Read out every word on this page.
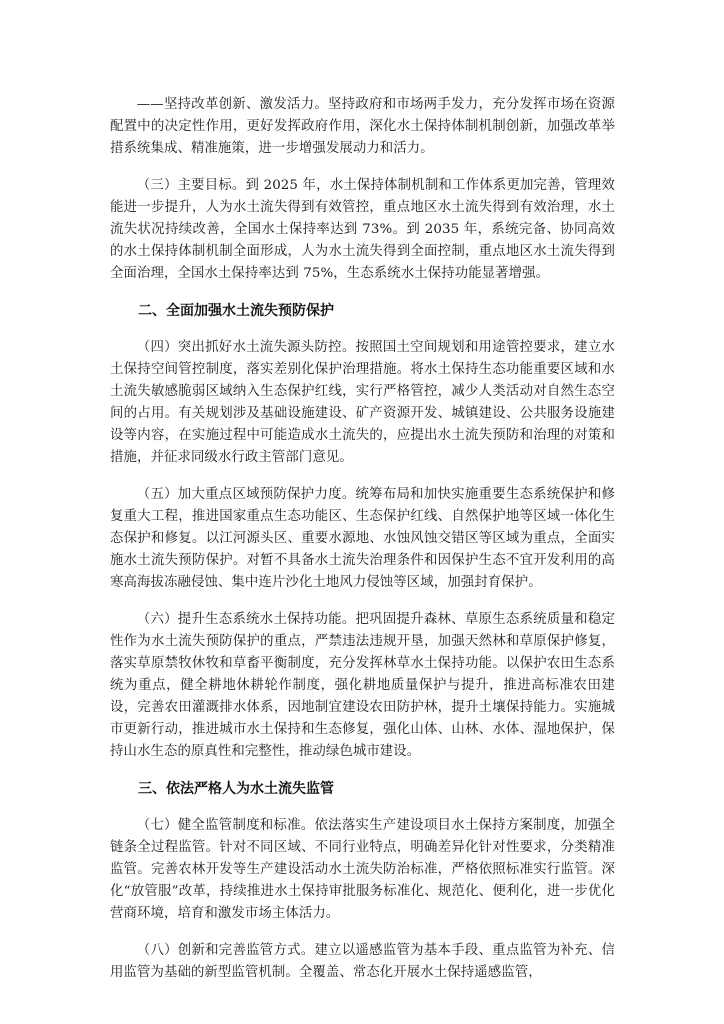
——坚持改革创新、激发活力。坚持政府和市场两手发力，充分发挥市场在资源配置中的决定性作用，更好发挥政府作用，深化水土保持体制机制创新，加强改革举措系统集成、精准施策，进一步增强发展动力和活力。

（三）主要目标。到 2025 年，水土保持体制机制和工作体系更加完善，管理效能进一步提升，人为水土流失得到有效管控，重点地区水土流失得到有效治理，水土流失状况持续改善，全国水土保持率达到 73%。到 2035 年，系统完备、协同高效的水土保持体制机制全面形成，人为水土流失得到全面控制，重点地区水土流失得到全面治理，全国水土保持率达到 75%，生态系统水土保持功能显著增强。

二、全面加强水土流失预防保护

（四）突出抓好水土流失源头防控。按照国土空间规划和用途管控要求，建立水土保持空间管控制度，落实差别化保护治理措施。将水土保持生态功能重要区域和水土流失敏感脆弱区域纳入生态保护红线，实行严格管控，减少人类活动对自然生态空间的占用。有关规划涉及基础设施建设、矿产资源开发、城镇建设、公共服务设施建设等内容，在实施过程中可能造成水土流失的，应提出水土流失预防和治理的对策和措施，并征求同级水行政主管部门意见。

（五）加大重点区域预防保护力度。统筹布局和加快实施重要生态系统保护和修复重大工程，推进国家重点生态功能区、生态保护红线、自然保护地等区域一体化生态保护和修复。以江河源头区、重要水源地、水蚀风蚀交错区等区域为重点，全面实施水土流失预防保护。对暂不具备水土流失治理条件和因保护生态不宜开发利用的高寒高海拔冻融侵蚀、集中连片沙化土地风力侵蚀等区域，加强封育保护。

（六）提升生态系统水土保持功能。把巩固提升森林、草原生态系统质量和稳定性作为水土流失预防保护的重点，严禁违法违规开垦，加强天然林和草原保护修复，落实草原禁牧休牧和草畜平衡制度，充分发挥林草水土保持功能。以保护农田生态系统为重点，健全耕地休耕轮作制度，强化耕地质量保护与提升，推进高标准农田建设，完善农田灌溉排水体系，因地制宜建设农田防护林，提升土壤保持能力。实施城市更新行动，推进城市水土保持和生态修复，强化山体、山林、水体、湿地保护，保持山水生态的原真性和完整性，推动绿色城市建设。

三、依法严格人为水土流失监管

（七）健全监管制度和标准。依法落实生产建设项目水土保持方案制度，加强全链条全过程监管。针对不同区域、不同行业特点，明确差异化针对性要求，分类精准监管。完善农林开发等生产建设活动水土流失防治标准，严格依照标准实行监管。深化“放管服”改革，持续推进水土保持审批服务标准化、规范化、便利化，进一步优化营商环境，培育和激发市场主体活力。

（八）创新和完善监管方式。建立以遥感监管为基本手段、重点监管为补充、信用监管为基础的新型监管机制。全覆盖、常态化开展水土保持遥感监管，
